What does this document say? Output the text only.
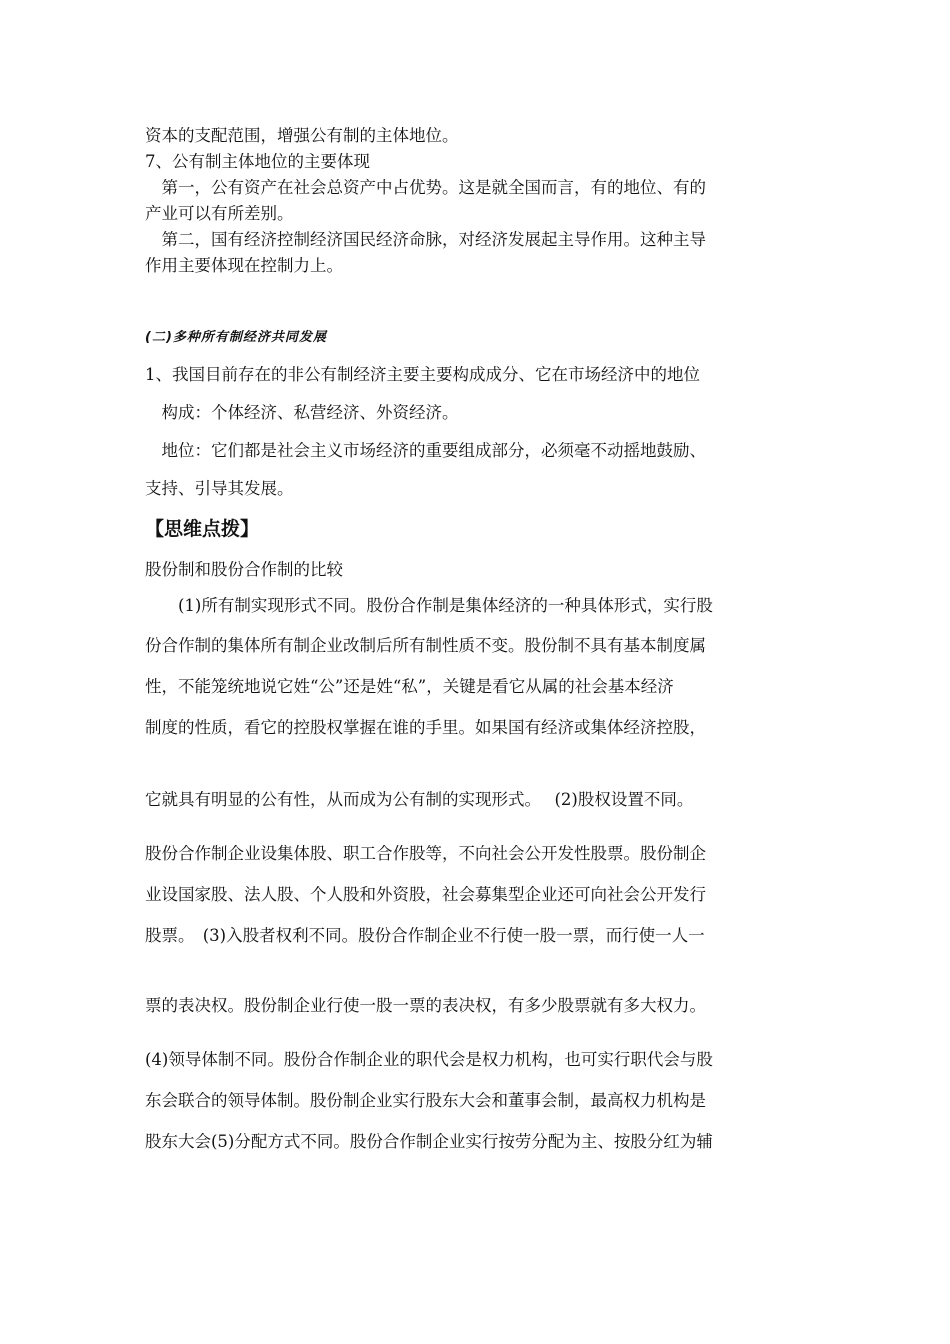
资本的支配范围，增强公有制的主体地位。

7、公有制主体地位的主要体现

　第一，公有资产在社会总资产中占优势。这是就全国而言，有的地位、有的

产业可以有所差别。

　第二，国有经济控制经济国民经济命脉，对经济发展起主导作用。这种主导

作用主要体现在控制力上。

(二)多种所有制经济共同发展

1、我国目前存在的非公有制经济主要主要构成成分、它在市场经济中的地位

　构成：个体经济、私营经济、外资经济。

　地位：它们都是社会主义市场经济的重要组成部分，必须毫不动摇地鼓励、

支持、引导其发展。

【思维点拨】

股份制和股份合作制的比较

　　(1)所有制实现形式不同。股份合作制是集体经济的一种具体形式，实行股

份合作制的集体所有制企业改制后所有制性质不变。股份制不具有基本制度属

性，不能笼统地说它姓“公”还是姓“私”，关键是看它从属的社会基本经济

制度的性质，看它的控股权掌握在谁的手里。如果国有经济或集体经济控股，

它就具有明显的公有性，从而成为公有制的实现形式。　 (2)股权设置不同。

股份合作制企业设集体股、职工合作股等，不向社会公开发性股票。股份制企

业设国家股、法人股、个人股和外资股，社会募集型企业还可向社会公开发行

股票。　(3)入股者权利不同。股份合作制企业不行使一股一票，而行使一人一

票的表决权。股份制企业行使一股一票的表决权，有多少股票就有多大权力。

(4)领导体制不同。股份合作制企业的职代会是权力机构，也可实行职代会与股

东会联合的领导体制。股份制企业实行股东大会和董事会制，最高权力机构是

股东大会(5)分配方式不同。股份合作制企业实行按劳分配为主、按股分红为辅
